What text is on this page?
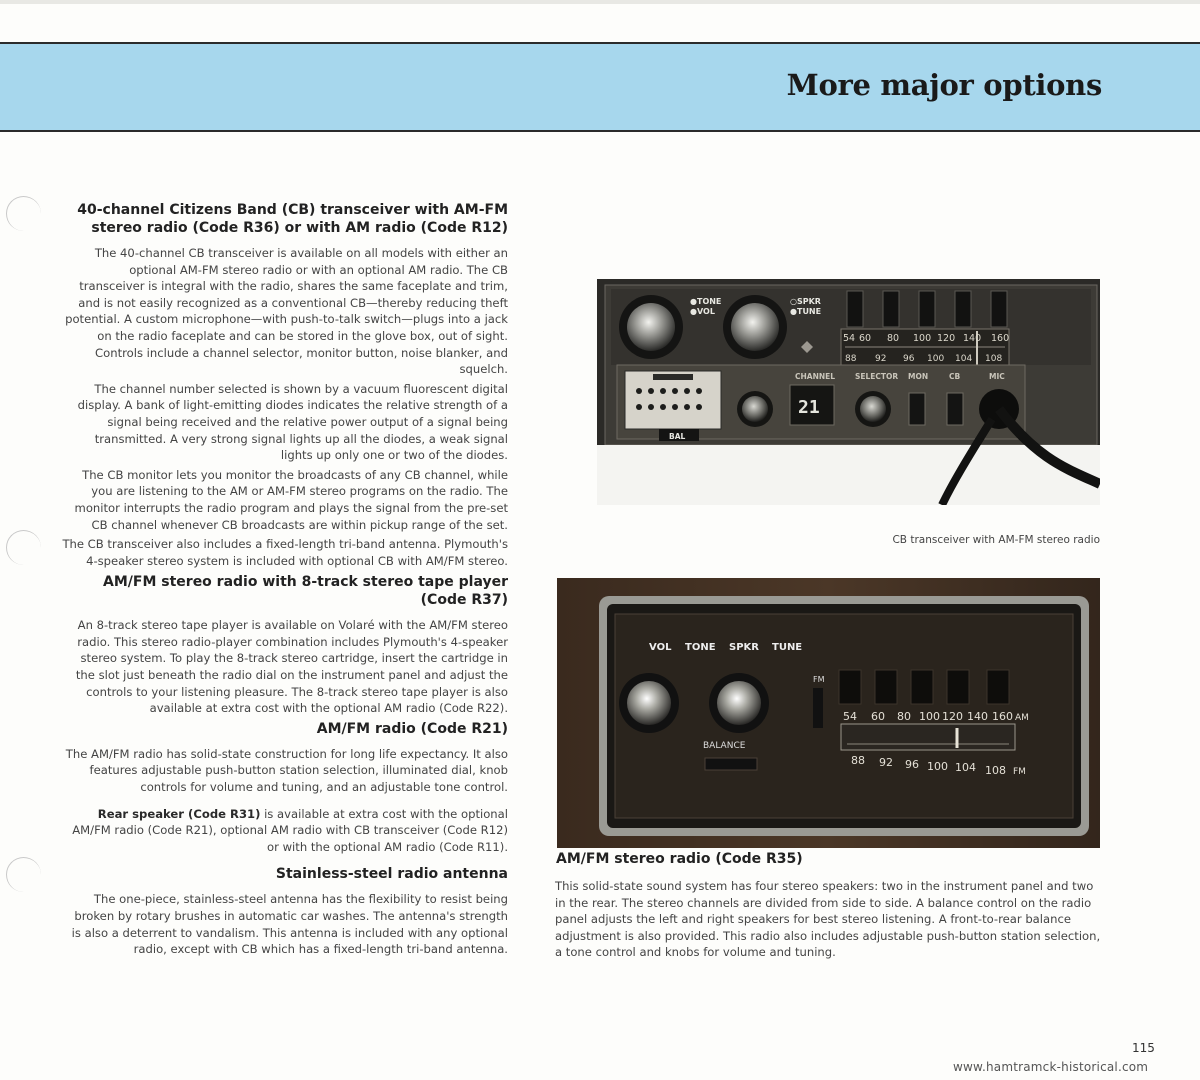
More major options
40-channel Citizens Band (CB) transceiver with AM-FM stereo radio (Code R36) or with AM radio (Code R12)

The 40-channel CB transceiver is available on all models with either an optional AM-FM stereo radio or with an optional AM radio. The CB transceiver is integral with the radio, shares the same faceplate and trim, and is not easily recognized as a conventional CB—thereby reducing theft potential. A custom microphone—with push-to-talk switch—plugs into a jack on the radio faceplate and can be stored in the glove box, out of sight. Controls include a channel selector, monitor button, noise blanker, and squelch.

The channel number selected is shown by a vacuum fluorescent digital display. A bank of light-emitting diodes indicates the relative strength of a signal being received and the relative power output of a signal being transmitted. A very strong signal lights up all the diodes, a weak signal lights up only one or two of the diodes.

The CB monitor lets you monitor the broadcasts of any CB channel, while you are listening to the AM or AM-FM stereo programs on the radio. The monitor interrupts the radio program and plays the signal from the pre-set CB channel whenever CB broadcasts are within pickup range of the set.

The CB transceiver also includes a fixed-length tri-band antenna. Plymouth's 4-speaker stereo system is included with optional CB with AM/FM stereo.

AM/FM stereo radio with 8-track stereo tape player (Code R37)

An 8-track stereo tape player is available on Volaré with the AM/FM stereo radio. This stereo radio-player combination includes Plymouth's 4-speaker stereo system. To play the 8-track stereo cartridge, insert the cartridge in the slot just beneath the radio dial on the instrument panel and adjust the controls to your listening pleasure. The 8-track stereo tape player is also available at extra cost with the optional AM radio (Code R22).

AM/FM radio (Code R21)

The AM/FM radio has solid-state construction for long life expectancy. It also features adjustable push-button station selection, illuminated dial, knob controls for volume and tuning, and an adjustable tone control.

Rear speaker (Code R31) is available at extra cost with the optional AM/FM radio (Code R21), optional AM radio with CB transceiver (Code R12) or with the optional AM radio (Code R11).

Stainless-steel radio antenna

The one-piece, stainless-steel antenna has the flexibility to resist being broken by rotary brushes in automatic car washes. The antenna's strength is also a deterrent to vandalism. This antenna is included with any optional radio, except with CB which has a fixed-length tri-band antenna.

●TONE
●VOL
○SPKR
●TUNE
54 60 80 100 120 140 160
88 92 96 100 104 108
BAL
CHANNEL	SELECTOR MON	CB	MIC
21
CB transceiver with AM-FM stereo radio
VOL TONE SPKR TUNE
BALANCE
FM
54 60 80 100 120 140 160 AM
88 92 96 100 104 108 FM
AM/FM stereo radio (Code R35)

This solid-state sound system has four stereo speakers: two in the instrument panel and two in the rear. The stereo channels are divided from side to side. A balance control on the radio panel adjusts the left and right speakers for best stereo listening. A front-to-rear balance adjustment is also provided. This radio also includes adjustable push-button station selection, a tone control and knobs for volume and tuning.

115
www.hamtramck-historical.com
